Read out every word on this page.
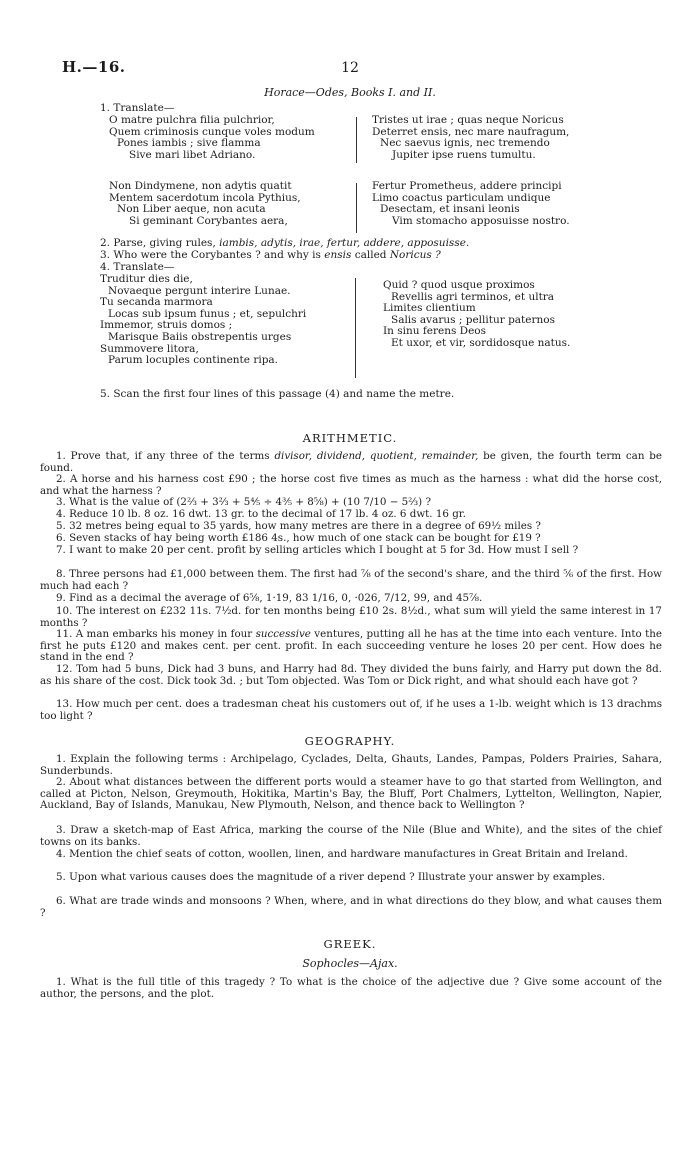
H.—16.	12
Horace—Odes, Books I. and II.
1. Translate—
O matre pulchra filia pulchrior,
Quem criminosis cunque voles modum
Pones iambis ; sive flamma
Sive mari libet Adriano.
Tristes ut irae ; quas neque Noricus
Deterret ensis, nec mare naufragum,
Nec saevus ignis, nec tremendo
Jupiter ipse ruens tumultu.
Non Dindymene, non adytis quatit
Mentem sacerdotum incola Pythius,
Non Liber aeque, non acuta
Si geminant Corybantes aera,
Fertur Prometheus, addere principi
Limo coactus particulam undique
Desectam, et insani leonis
Vim stomacho apposuisse nostro.
2. Parse, giving rules, iambis, adytis, irae, fertur, addere, apposuisse.
3. Who were the Corybantes ? and why is ensis called Noricus ?
4. Translate—
Truditur dies die,
Novaeque pergunt interire Lunae.
Tu secanda marmora
Locas sub ipsum funus ; et, sepulchri
Immemor, struis domos ;
Marisque Baiis obstrepentis urges
Summovere litora,
Parum locuples continente ripa.
Quid ? quod usque proximos
Revellis agri terminos, et ultra
Limites clientium
Salis avarus ; pellitur paternos
In sinu ferens Deos
Et uxor, et vir, sordidosque natus.
5. Scan the first four lines of this passage (4) and name the metre.
ARITHMETIC.
1. Prove that, if any three of the terms divisor, dividend, quotient, remainder, be given, the fourth term can be found.
2. A horse and his harness cost £90 ; the horse cost five times as much as the harness : what did the horse cost, and what the harness ?
3. What is the value of (2⅔ + 3⅔ + 5⅘ ÷ 4⅗ + 8⅝) + (10 7/10 − 5⅔) ?
4. Reduce 10 lb. 8 oz. 16 dwt. 13 gr. to the decimal of 17 lb. 4 oz. 6 dwt. 16 gr.
5. 32 metres being equal to 35 yards, how many metres are there in a degree of 69½ miles ?
6. Seven stacks of hay being worth £186 4s., how much of one stack can be bought for £19 ?
7. I want to make 20 per cent. profit by selling articles which I bought at 5 for 3d. How must I sell ?
8. Three persons had £1,000 between them. The first had ⅞ of the second's share, and the third ⅚ of the first. How much had each ?
9. Find as a decimal the average of 6⅝, 1·19, 83 1/16, 0, ·026, 7/12, 99, and 45⅞.
10. The interest on £232 11s. 7½d. for ten months being £10 2s. 8½d., what sum will yield the same interest in 17 months ?
11. A man embarks his money in four successive ventures, putting all he has at the time into each venture. Into the first he puts £120 and makes cent. per cent. profit. In each succeeding venture he loses 20 per cent. How does he stand in the end ?
12. Tom had 5 buns, Dick had 3 buns, and Harry had 8d. They divided the buns fairly, and Harry put down the 8d. as his share of the cost. Dick took 3d. ; but Tom objected. Was Tom or Dick right, and what should each have got ?
13. How much per cent. does a tradesman cheat his customers out of, if he uses a 1-lb. weight which is 13 drachms too light ?
GEOGRAPHY.
1. Explain the following terms : Archipelago, Cyclades, Delta, Ghauts, Landes, Pampas, Polders Prairies, Sahara, Sunderbunds.
2. About what distances between the different ports would a steamer have to go that started from Wellington, and called at Picton, Nelson, Greymouth, Hokitika, Martin's Bay, the Bluff, Port Chalmers, Lyttelton, Wellington, Napier, Auckland, Bay of Islands, Manukau, New Plymouth, Nelson, and thence back to Wellington ?
3. Draw a sketch-map of East Africa, marking the course of the Nile (Blue and White), and the sites of the chief towns on its banks.
4. Mention the chief seats of cotton, woollen, linen, and hardware manufactures in Great Britain and Ireland.
5. Upon what various causes does the magnitude of a river depend ? Illustrate your answer by examples.
6. What are trade winds and monsoons ? When, where, and in what directions do they blow, and what causes them ?
GREEK.
Sophocles—Ajax.
1. What is the full title of this tragedy ? To what is the choice of the adjective due ? Give some account of the author, the persons, and the plot.
